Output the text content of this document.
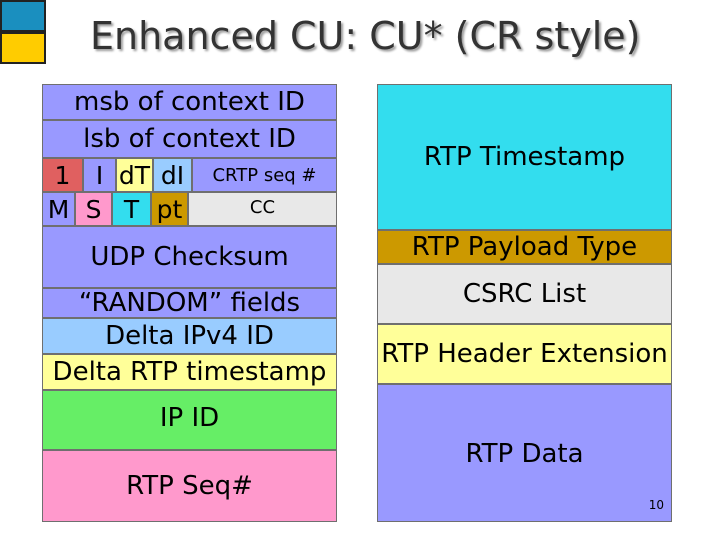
Enhanced CU: CU* (CR style)
msb of context ID
lsb of context ID
1 I dT dI CRTP seq #
M S T pt	CC
UDP Checksum
“RANDOM” fields
Delta IPv4 ID
Delta RTP timestamp
IP ID
RTP Seq#
RTP Timestamp
RTP Payload Type
CSRC List
RTP Header Extension
RTP Data
10
